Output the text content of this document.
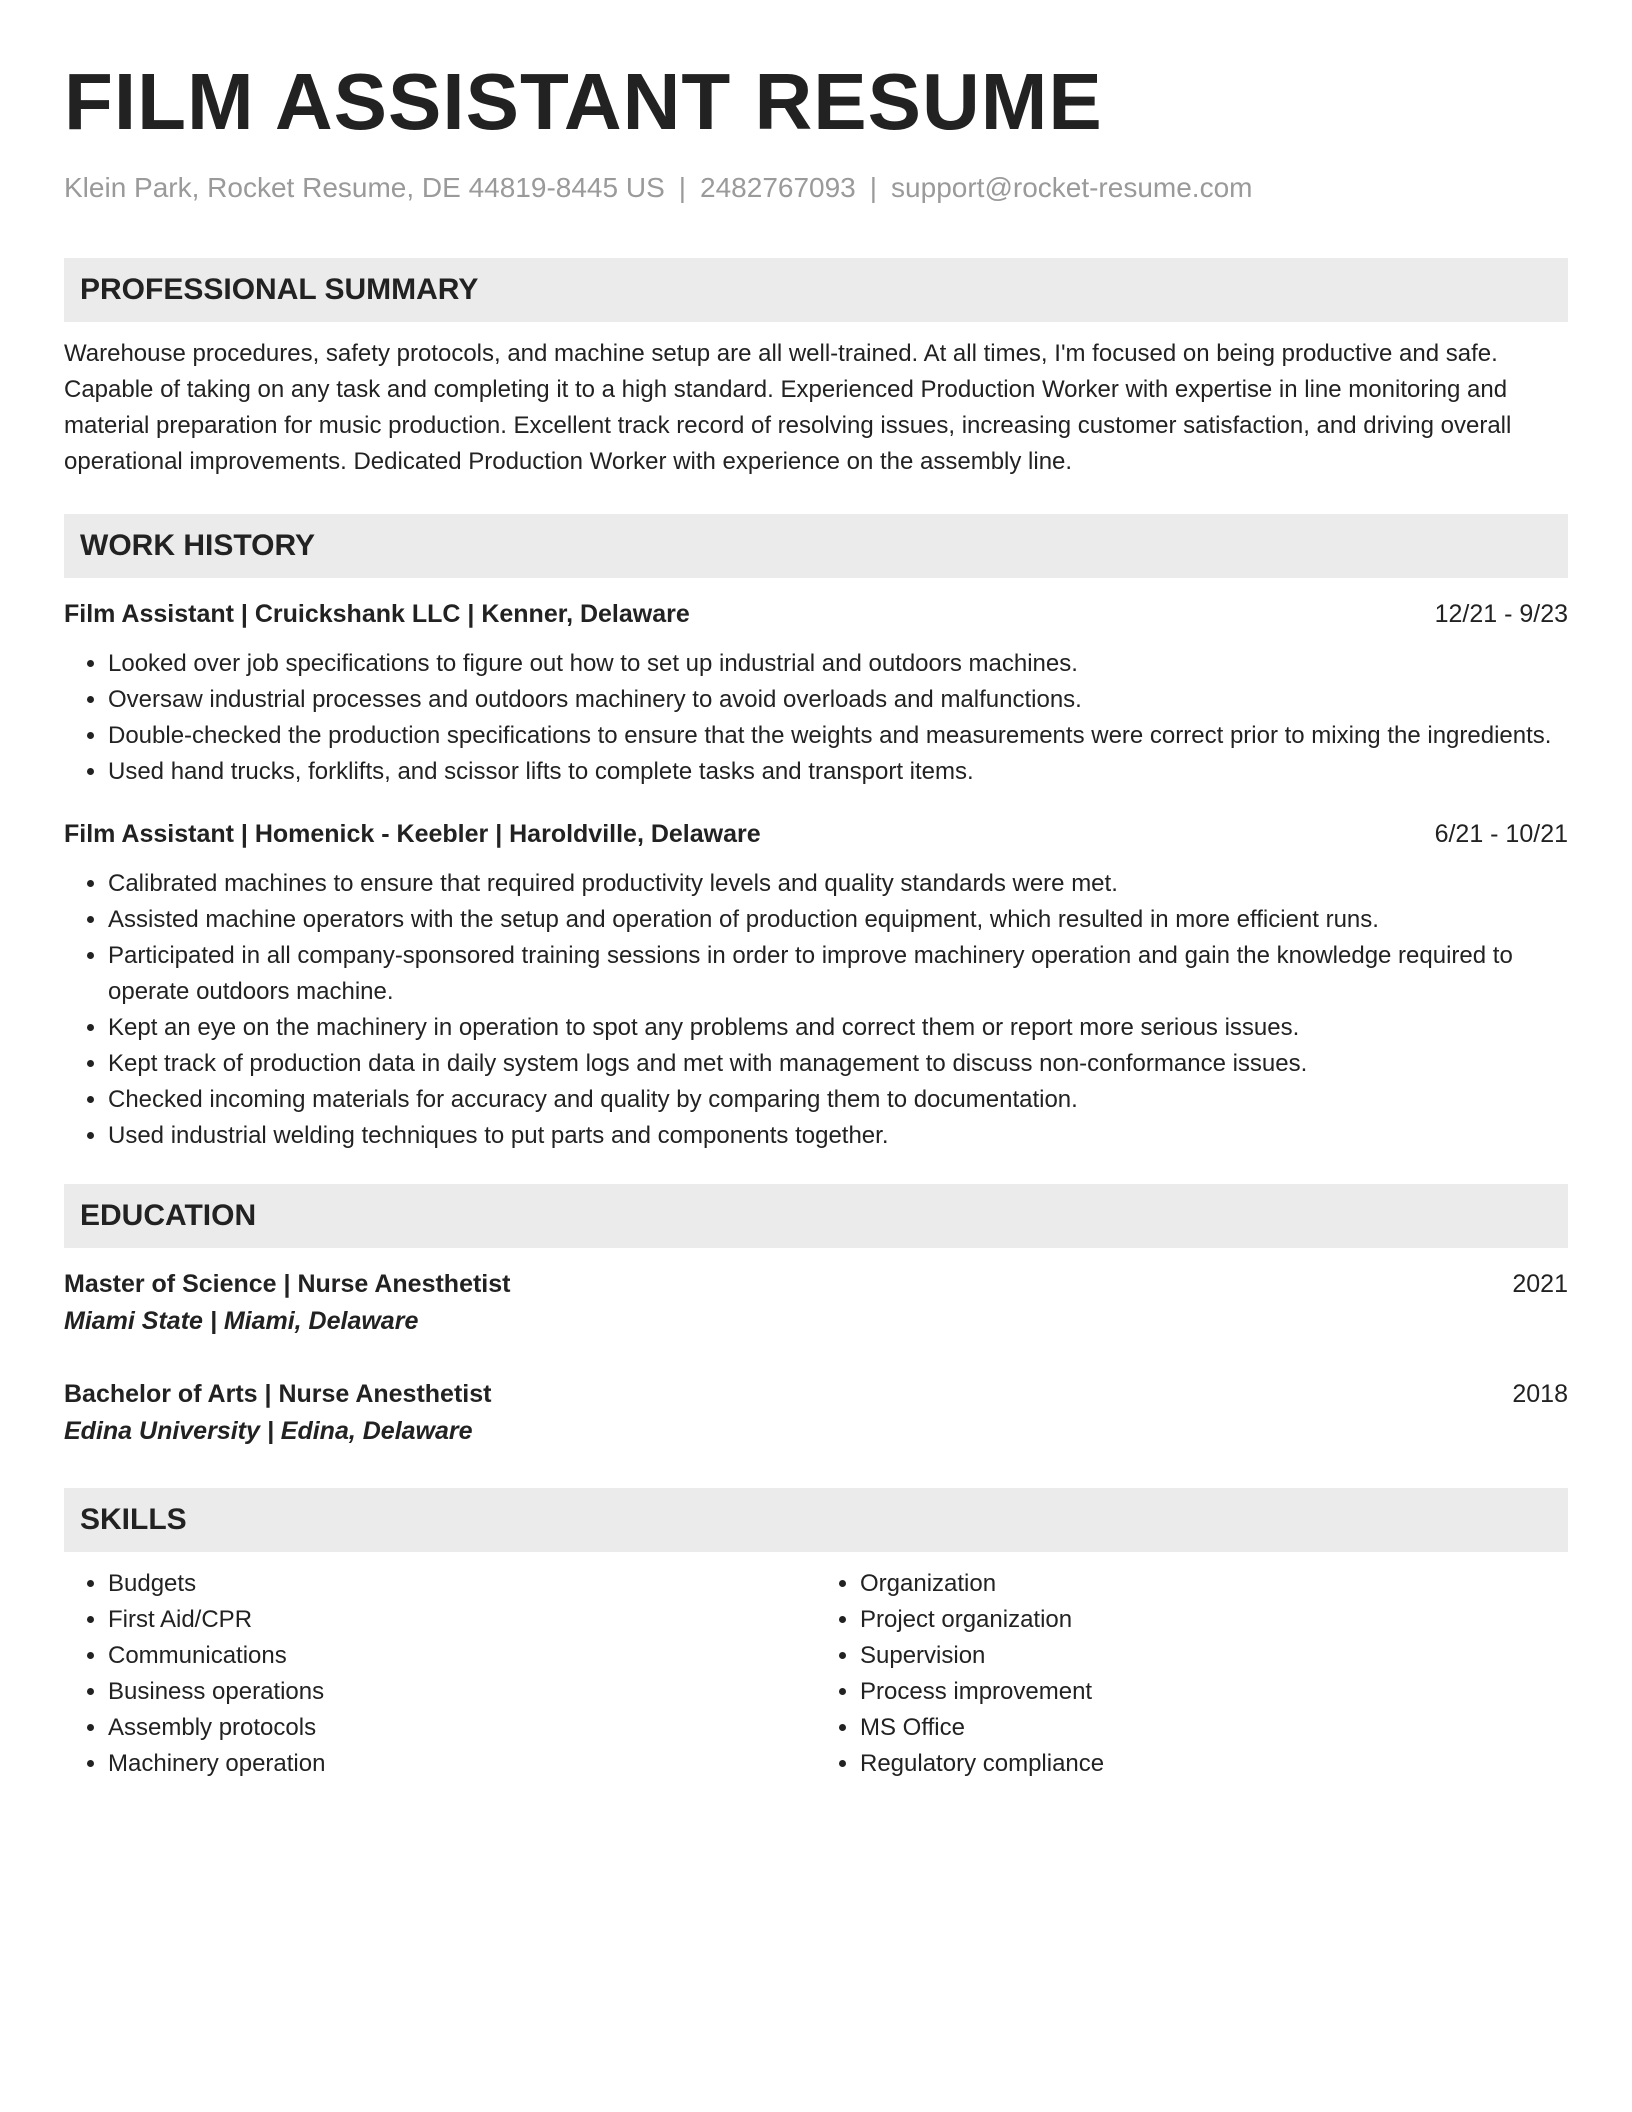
FILM ASSISTANT RESUME
Klein Park, Rocket Resume, DE 44819-8445 US | 2482767093 | support@rocket-resume.com
PROFESSIONAL SUMMARY
Warehouse procedures, safety protocols, and machine setup are all well-trained. At all times, I'm focused on being productive and safe. Capable of taking on any task and completing it to a high standard. Experienced Production Worker with expertise in line monitoring and material preparation for music production. Excellent track record of resolving issues, increasing customer satisfaction, and driving overall operational improvements. Dedicated Production Worker with experience on the assembly line.
WORK HISTORY
Film Assistant | Cruickshank LLC | Kenner, Delaware	12/21 - 9/23
• Looked over job specifications to figure out how to set up industrial and outdoors machines.
• Oversaw industrial processes and outdoors machinery to avoid overloads and malfunctions.
• Double-checked the production specifications to ensure that the weights and measurements were correct prior to mixing the ingredients.
• Used hand trucks, forklifts, and scissor lifts to complete tasks and transport items.
Film Assistant | Homenick - Keebler | Haroldville, Delaware	6/21 - 10/21
• Calibrated machines to ensure that required productivity levels and quality standards were met.
• Assisted machine operators with the setup and operation of production equipment, which resulted in more efficient runs.
• Participated in all company-sponsored training sessions in order to improve machinery operation and gain the knowledge required to operate outdoors machine.
• Kept an eye on the machinery in operation to spot any problems and correct them or report more serious issues.
• Kept track of production data in daily system logs and met with management to discuss non-conformance issues.
• Checked incoming materials for accuracy and quality by comparing them to documentation.
• Used industrial welding techniques to put parts and components together.
EDUCATION
Master of Science | Nurse Anesthetist	2021
Miami State | Miami, Delaware
Bachelor of Arts | Nurse Anesthetist	2018
Edina University | Edina, Delaware
SKILLS
• Budgets
• First Aid/CPR
• Communications
• Business operations
• Assembly protocols
• Machinery operation
• Organization
• Project organization
• Supervision
• Process improvement
• MS Office
• Regulatory compliance
